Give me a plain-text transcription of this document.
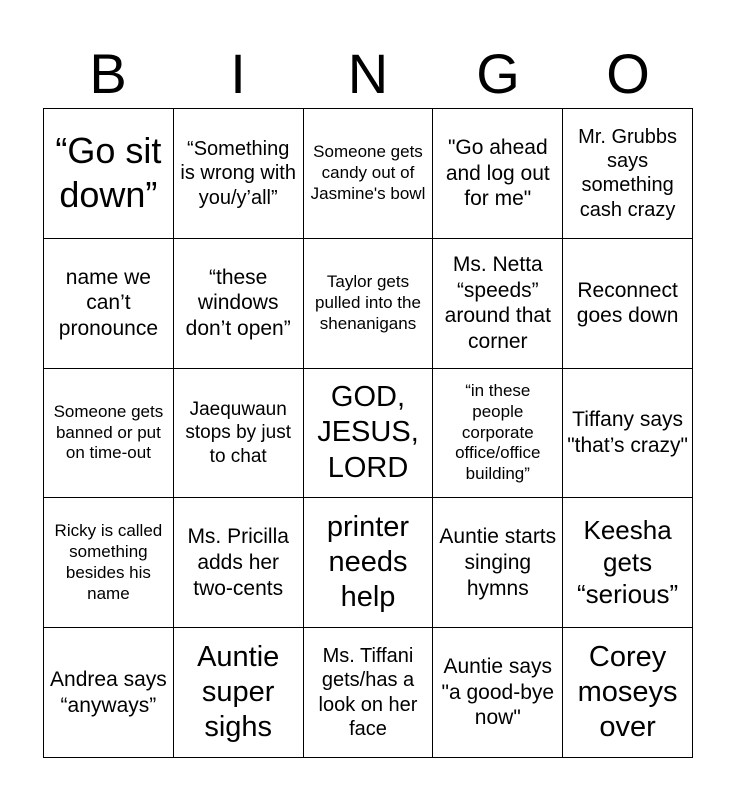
B	I	N	G	O
“Go sit down”	“Something is wrong with you/y’all”	Someone gets candy out of Jasmine's bowl	"Go ahead and log out for me"	Mr. Grubbs says something cash crazy
name we can’t pronounce	“these windows don’t open”	Taylor gets pulled into the shenanigans	Ms. Netta “speeds” around that corner	Reconnect goes down
Someone gets banned or put on time-out	Jaequwaun stops by just to chat	GOD, JESUS, LORD	“in these people corporate office/office building”	Tiffany says "that’s crazy"
Ricky is called something besides his name	Ms. Pricilla adds her two-cents	printer needs help	Auntie starts singing hymns	Keesha gets “serious”
Andrea says “anyways”	Auntie super sighs	Ms. Tiffani gets/has a look on her face	Auntie says "a good-bye now"	Corey moseys over
